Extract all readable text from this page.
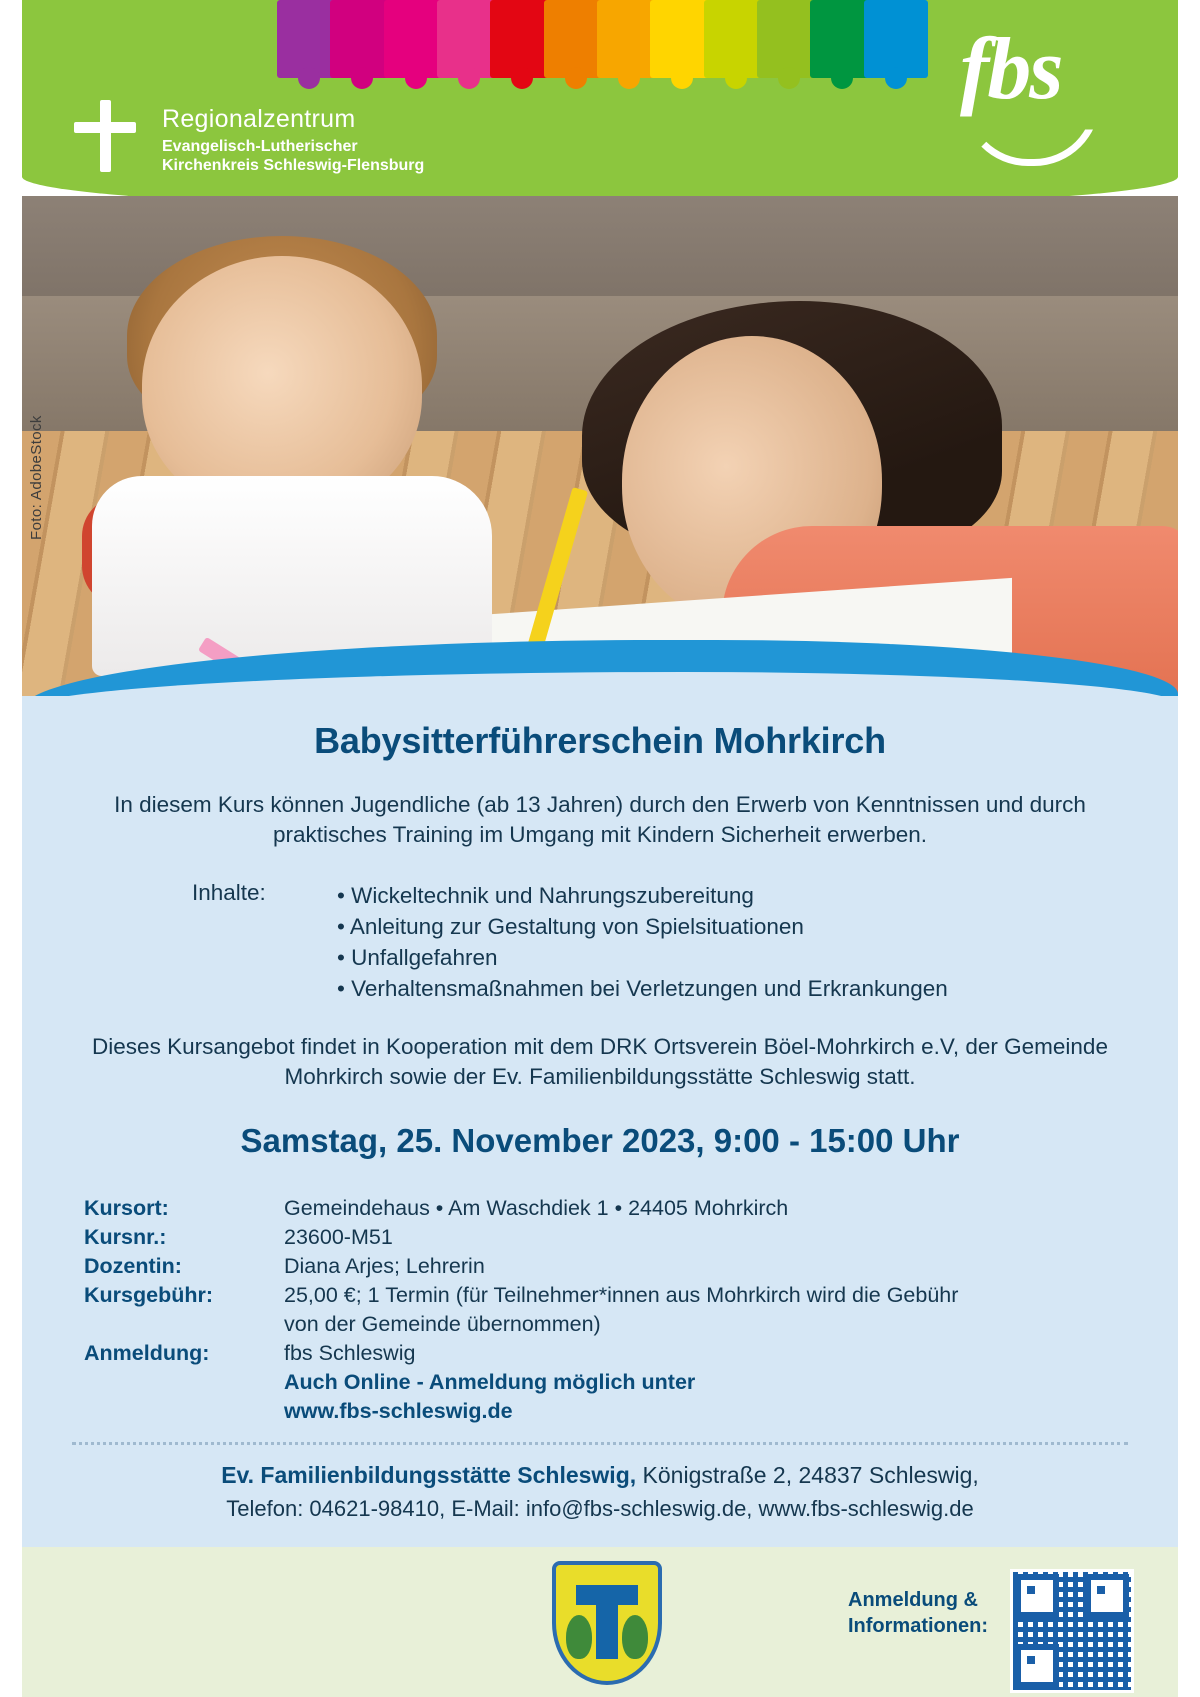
Regionalzentrum
Evangelisch-Lutherischer
Kirchenkreis Schleswig-Flensburg
fbs
Foto: AdobeStock
Babysitterführerschein Mohrkirch

In diesem Kurs können Jugendliche (ab 13 Jahren) durch den Erwerb von Kenntnissen und durch praktisches Training im Umgang mit Kindern Sicherheit erwerben.

Inhalte:	• Wickeltechnik und Nahrungszubereitung
• Anleitung zur Gestaltung von Spielsituationen
• Unfallgefahren
• Verhaltensmaßnahmen bei Verletzungen und Erkrankungen

Dieses Kursangebot findet in Kooperation mit dem DRK Ortsverein Böel-Mohrkirch e.V, der Gemeinde Mohrkirch sowie der Ev. Familienbildungsstätte Schleswig statt.

Samstag, 25. November 2023, 9:00 - 15:00 Uhr
Kursort:	Gemeindehaus • Am Waschdiek 1 • 24405 Mohrkirch
Kursnr.:	23600-M51
Dozentin:	Diana Arjes; Lehrerin
Kursgebühr:	25,00 €; 1 Termin (für Teilnehmer*innen aus Mohrkirch wird die Gebühr
von der Gemeinde übernommen)
Anmeldung:	fbs Schleswig
Auch Online - Anmeldung möglich unter
www.fbs-schleswig.de
Ev. Familienbildungsstätte Schleswig, Königstraße 2, 24837 Schleswig,
Telefon: 04621-98410, E-Mail: info@fbs-schleswig.de, www.fbs-schleswig.de
Anmeldung &
Informationen:
